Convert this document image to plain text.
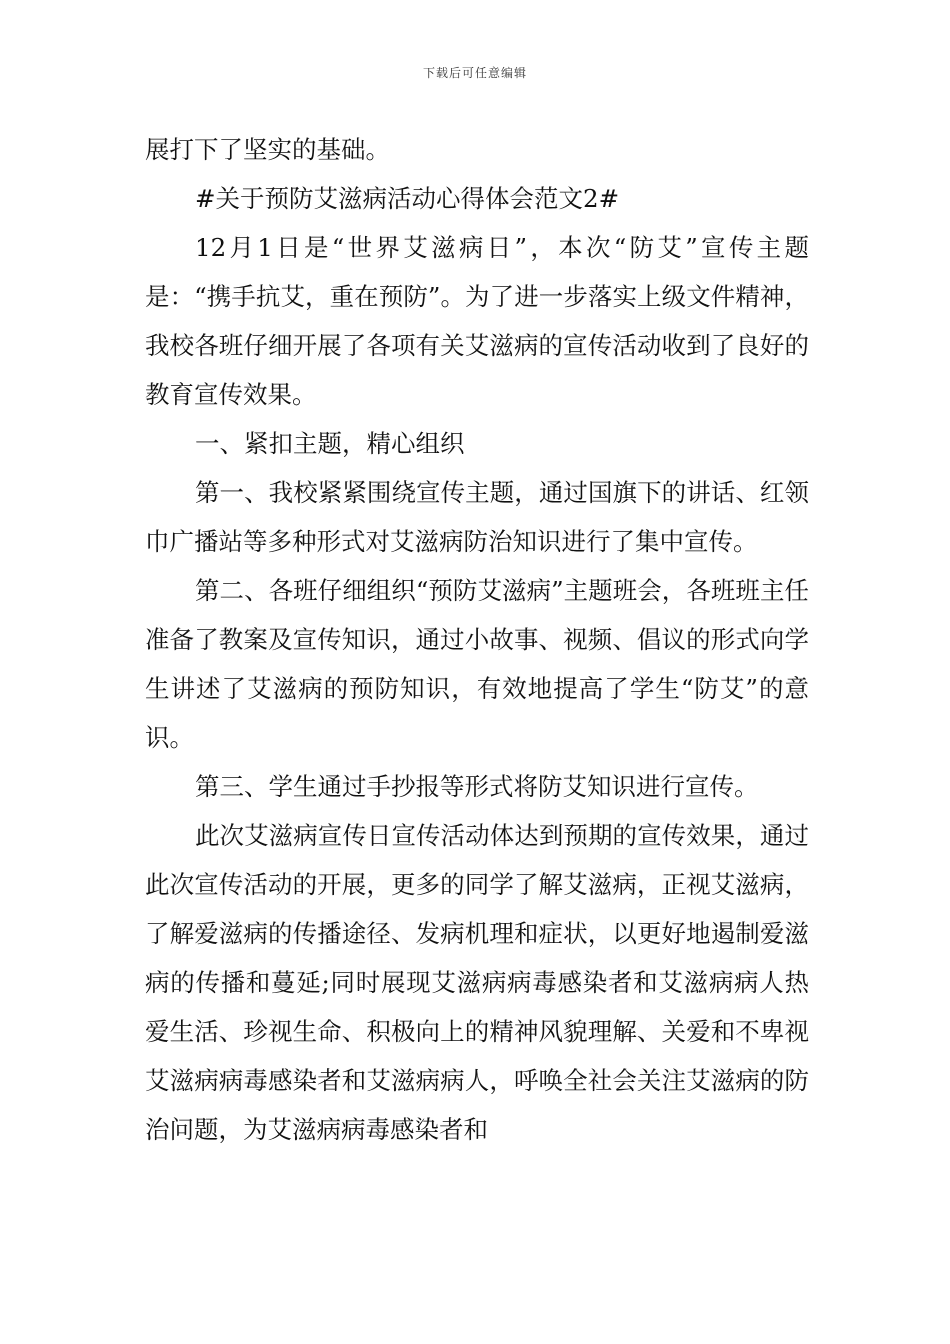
下载后可任意编辑

展打下了坚实的基础。

#关于预防艾滋病活动心得体会范文2#

12月1日是“世界艾滋病日”，本次“防艾”宣传主题是：“携手抗艾，重在预防”。为了进一步落实上级文件精神，我校各班仔细开展了各项有关艾滋病的宣传活动收到了良好的教育宣传效果。

一、紧扣主题，精心组织

第一、我校紧紧围绕宣传主题，通过国旗下的讲话、红领巾广播站等多种形式对艾滋病防治知识进行了集中宣传。

第二、各班仔细组织“预防艾滋病”主题班会，各班班主任准备了教案及宣传知识，通过小故事、视频、倡议的形式向学生讲述了艾滋病的预防知识，有效地提高了学生“防艾”的意识。

第三、学生通过手抄报等形式将防艾知识进行宣传。

此次艾滋病宣传日宣传活动体达到预期的宣传效果，通过此次宣传活动的开展，更多的同学了解艾滋病，正视艾滋病，了解爱滋病的传播途径、发病机理和症状，以更好地遏制爱滋病的传播和蔓延;同时展现艾滋病病毒感染者和艾滋病病人热爱生活、珍视生命、积极向上的精神风貌理解、关爱和不卑视艾滋病病毒感染者和艾滋病病人，呼唤全社会关注艾滋病的防治问题，为艾滋病病毒感染者和
